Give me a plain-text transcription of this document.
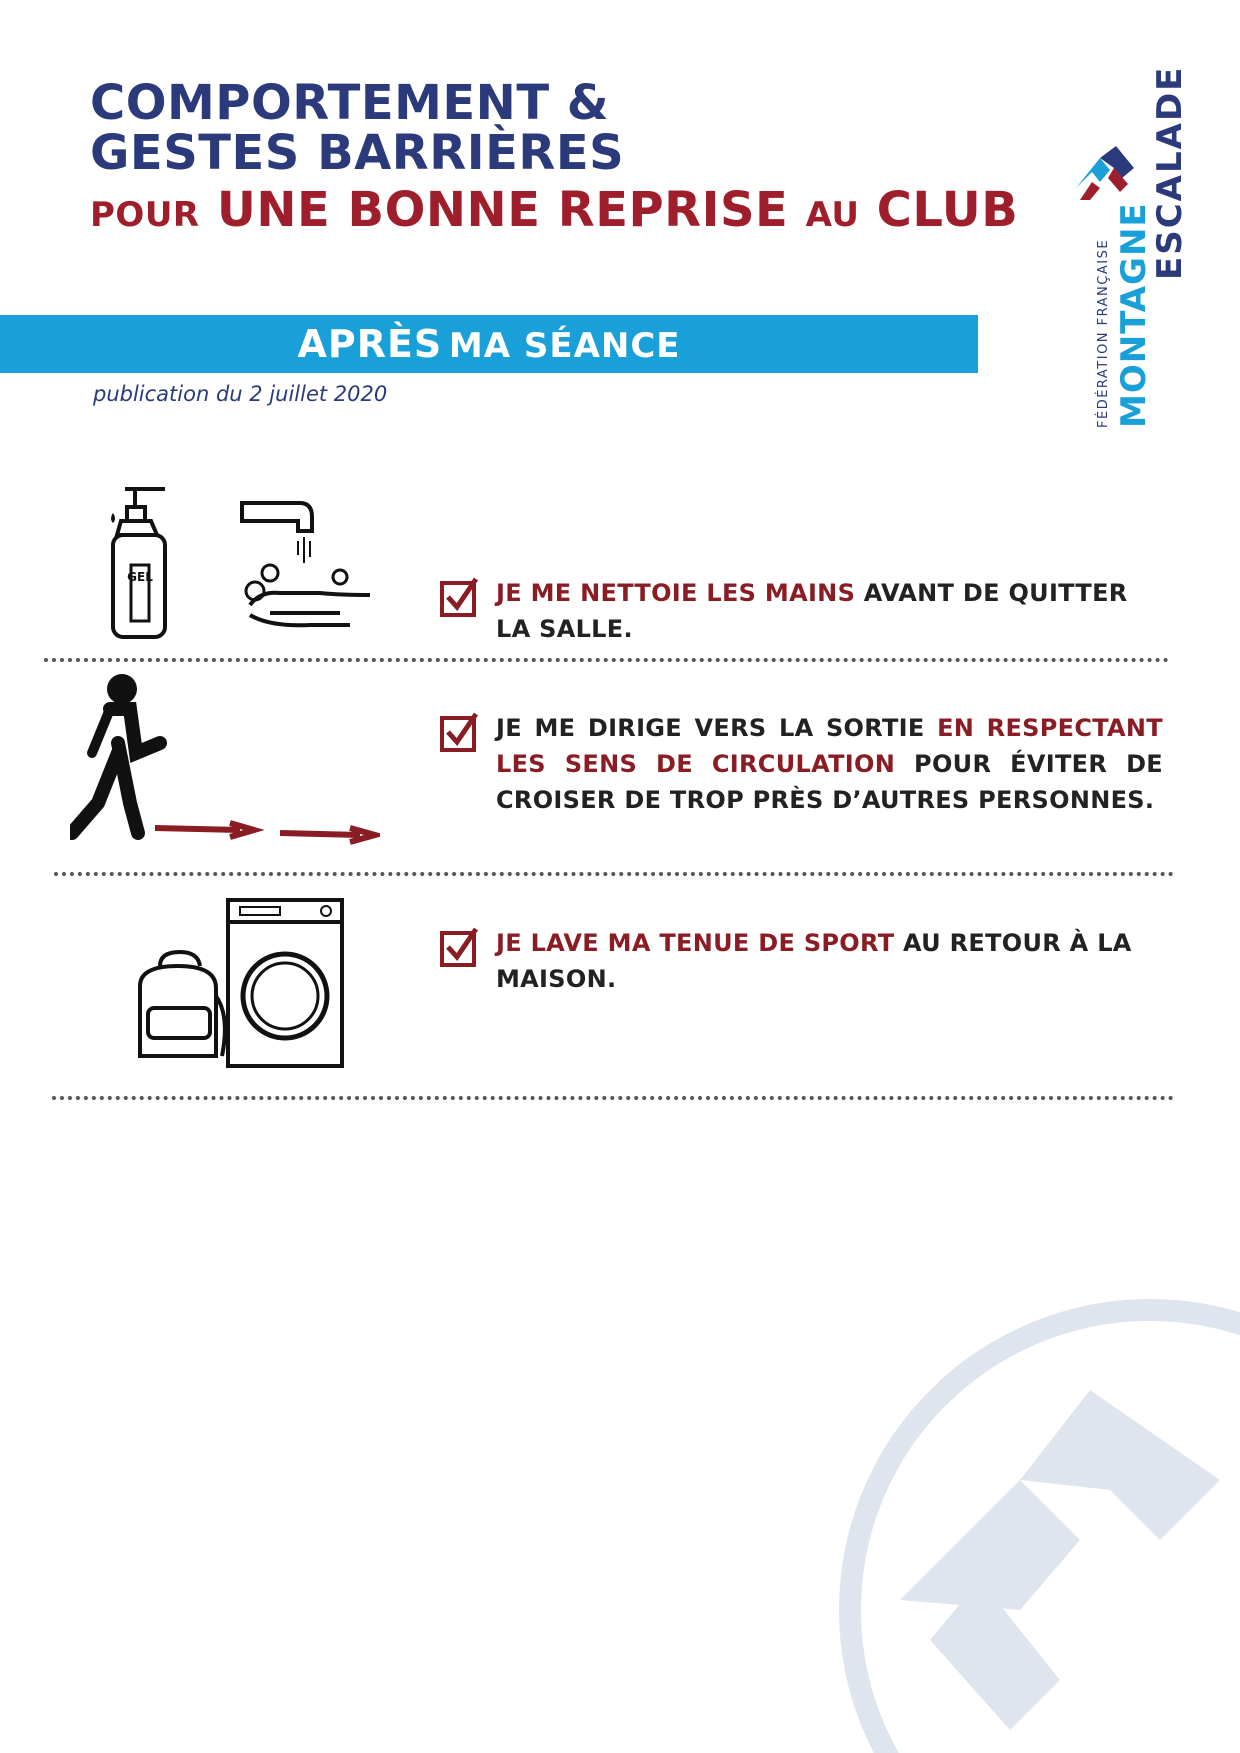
COMPORTEMENT &
GESTES BARRIÈRES
POUR UNE BONNE REPRISE AU CLUB
APRÈS MA SÉANCE
publication du 2 juillet 2020	FÉDÉRATION FRANÇAISE MONTAGNE
ESCALADE
GEL
JE ME NETTOIE LES MAINS AVANT DE QUITTER LA SALLE.
JE ME DIRIGE VERS LA SORTIE EN RESPECTANT LES SENS DE CIRCULATION POUR ÉVITER DE CROISER DE TROP PRÈS D’AUTRES PERSONNES.
JE LAVE MA TENUE DE SPORT AU RETOUR À LA MAISON.
